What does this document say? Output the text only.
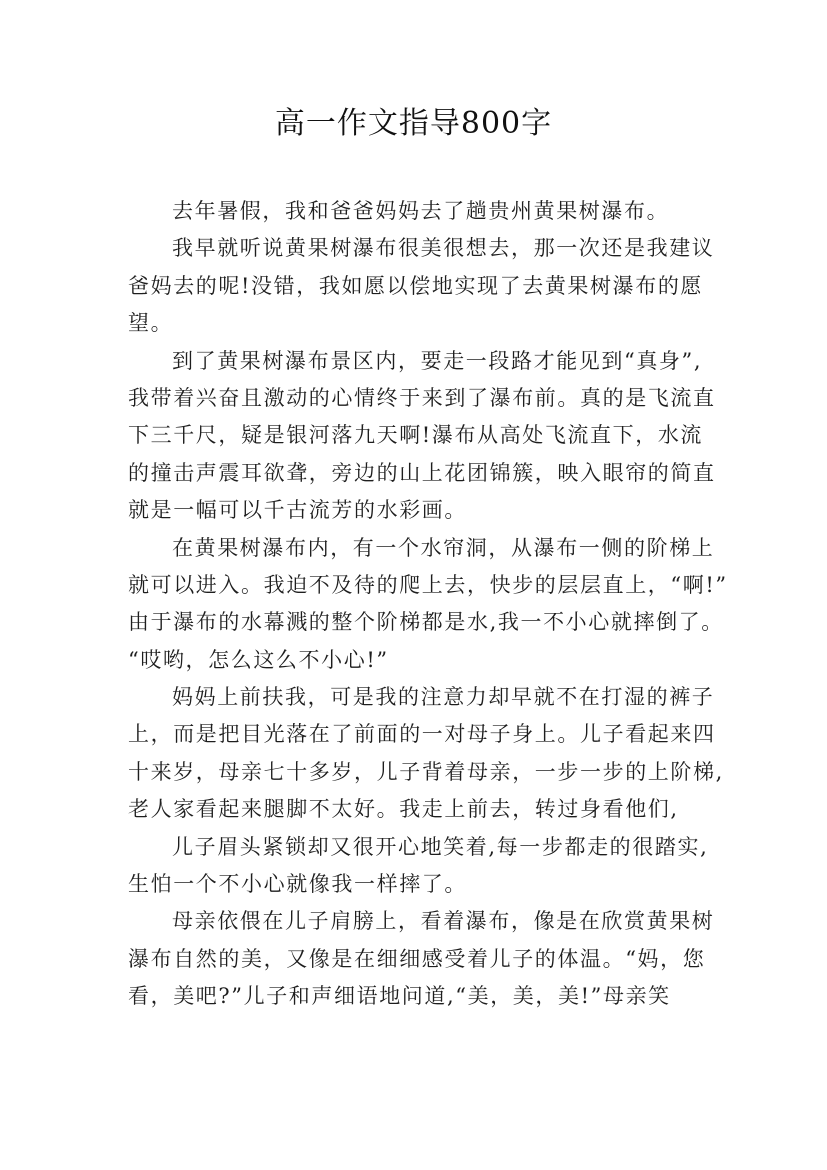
高一作文指导800字
去年暑假，我和爸爸妈妈去了趟贵州黄果树瀑布。
我早就听说黄果树瀑布很美很想去，那一次还是我建议
爸妈去的呢!没错，我如愿以偿地实现了去黄果树瀑布的愿
望。
到了黄果树瀑布景区内，要走一段路才能见到“真身”,
我带着兴奋且激动的心情终于来到了瀑布前。真的是飞流直
下三千尺，疑是银河落九天啊!瀑布从高处飞流直下，水流
的撞击声震耳欲聋，旁边的山上花团锦簇，映入眼帘的简直
就是一幅可以千古流芳的水彩画。
在黄果树瀑布内，有一个水帘洞，从瀑布一侧的阶梯上
就可以进入。我迫不及待的爬上去，快步的层层直上，“啊!”
由于瀑布的水幕溅的整个阶梯都是水,我一不小心就摔倒了。
“哎哟，怎么这么不小心!”
妈妈上前扶我，可是我的注意力却早就不在打湿的裤子
上，而是把目光落在了前面的一对母子身上。儿子看起来四
十来岁，母亲七十多岁，儿子背着母亲，一步一步的上阶梯,
老人家看起来腿脚不太好。我走上前去，转过身看他们,
儿子眉头紧锁却又很开心地笑着,每一步都走的很踏实,
生怕一个不小心就像我一样摔了。
母亲依偎在儿子肩膀上，看着瀑布，像是在欣赏黄果树
瀑布自然的美，又像是在细细感受着儿子的体温。“妈，您
看，美吧?”儿子和声细语地问道,“美，美，美!”母亲笑
